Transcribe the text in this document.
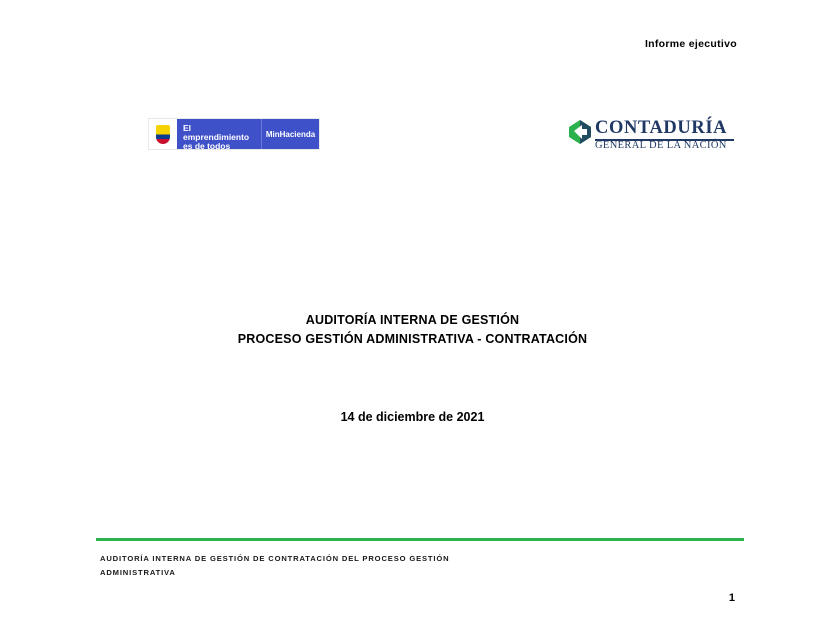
Informe ejecutivo
El emprendimiento
es de todos
MinHacienda	CONTADURÍA
GENERAL DE LA NACIÓN
AUDITORÍA INTERNA DE GESTIÓN
PROCESO GESTIÓN ADMINISTRATIVA - CONTRATACIÓN
14 de diciembre de 2021
AUDITORÍA INTERNA DE GESTIÓN DE CONTRATACIÓN DEL PROCESO GESTIÓN
ADMINISTRATIVA
1
